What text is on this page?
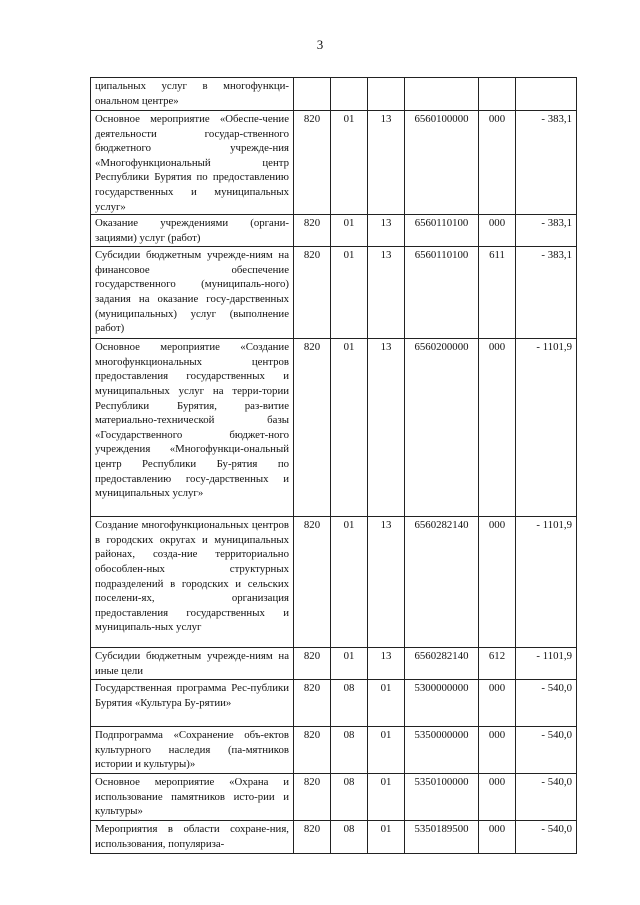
3
ципальных услуг в многофункци-ональном центре»						
Основное мероприятие «Обеспе-чение деятельности государ-ственного бюджетного учрежде-ния «Многофункциональный центр Республики Бурятия по предоставлению государственных и муниципальных услуг»	820	01	13	6560100000	000	- 383,1
Оказание учреждениями (органи-зациями) услуг (работ)	820	01	13	6560110100	000	- 383,1
Субсидии бюджетным учрежде-ниям на финансовое обеспечение государственного (муниципаль-ного) задания на оказание госу-дарственных (муниципальных) услуг (выполнение работ)	820	01	13	6560110100	611	- 383,1
Основное мероприятие «Создание многофункциональных центров предоставления государственных и муниципальных услуг на терри-тории Республики Бурятия, раз-витие материально-технической базы «Государственного бюджет-ного учреждения «Многофункци-ональный центр Республики Бу-рятия по предоставлению госу-дарственных и муниципальных услуг»	820	01	13	6560200000	000	- 1101,9
Создание многофункциональных центров в городских округах и муниципальных районах, созда-ние территориально обособлен-ных структурных подразделений в городских и сельских поселени-ях, организация предоставления государственных и муниципаль-ных услуг	820	01	13	6560282140	000	- 1101,9
Субсидии бюджетным учрежде-ниям на иные цели	820	01	13	6560282140	612	- 1101,9
Государственная программа Рес-публики Бурятия «Культура Бу-рятии»	820	08	01	5300000000	000	- 540,0
Подпрограмма «Сохранение объ-ектов культурного наследия (па-мятников истории и культуры)»	820	08	01	5350000000	000	- 540,0
Основное мероприятие «Охрана и использование памятников исто-рии и культуры»	820	08	01	5350100000	000	- 540,0
Мероприятия в области сохране-ния, использования, популяриза-	820	08	01	5350189500	000	- 540,0
